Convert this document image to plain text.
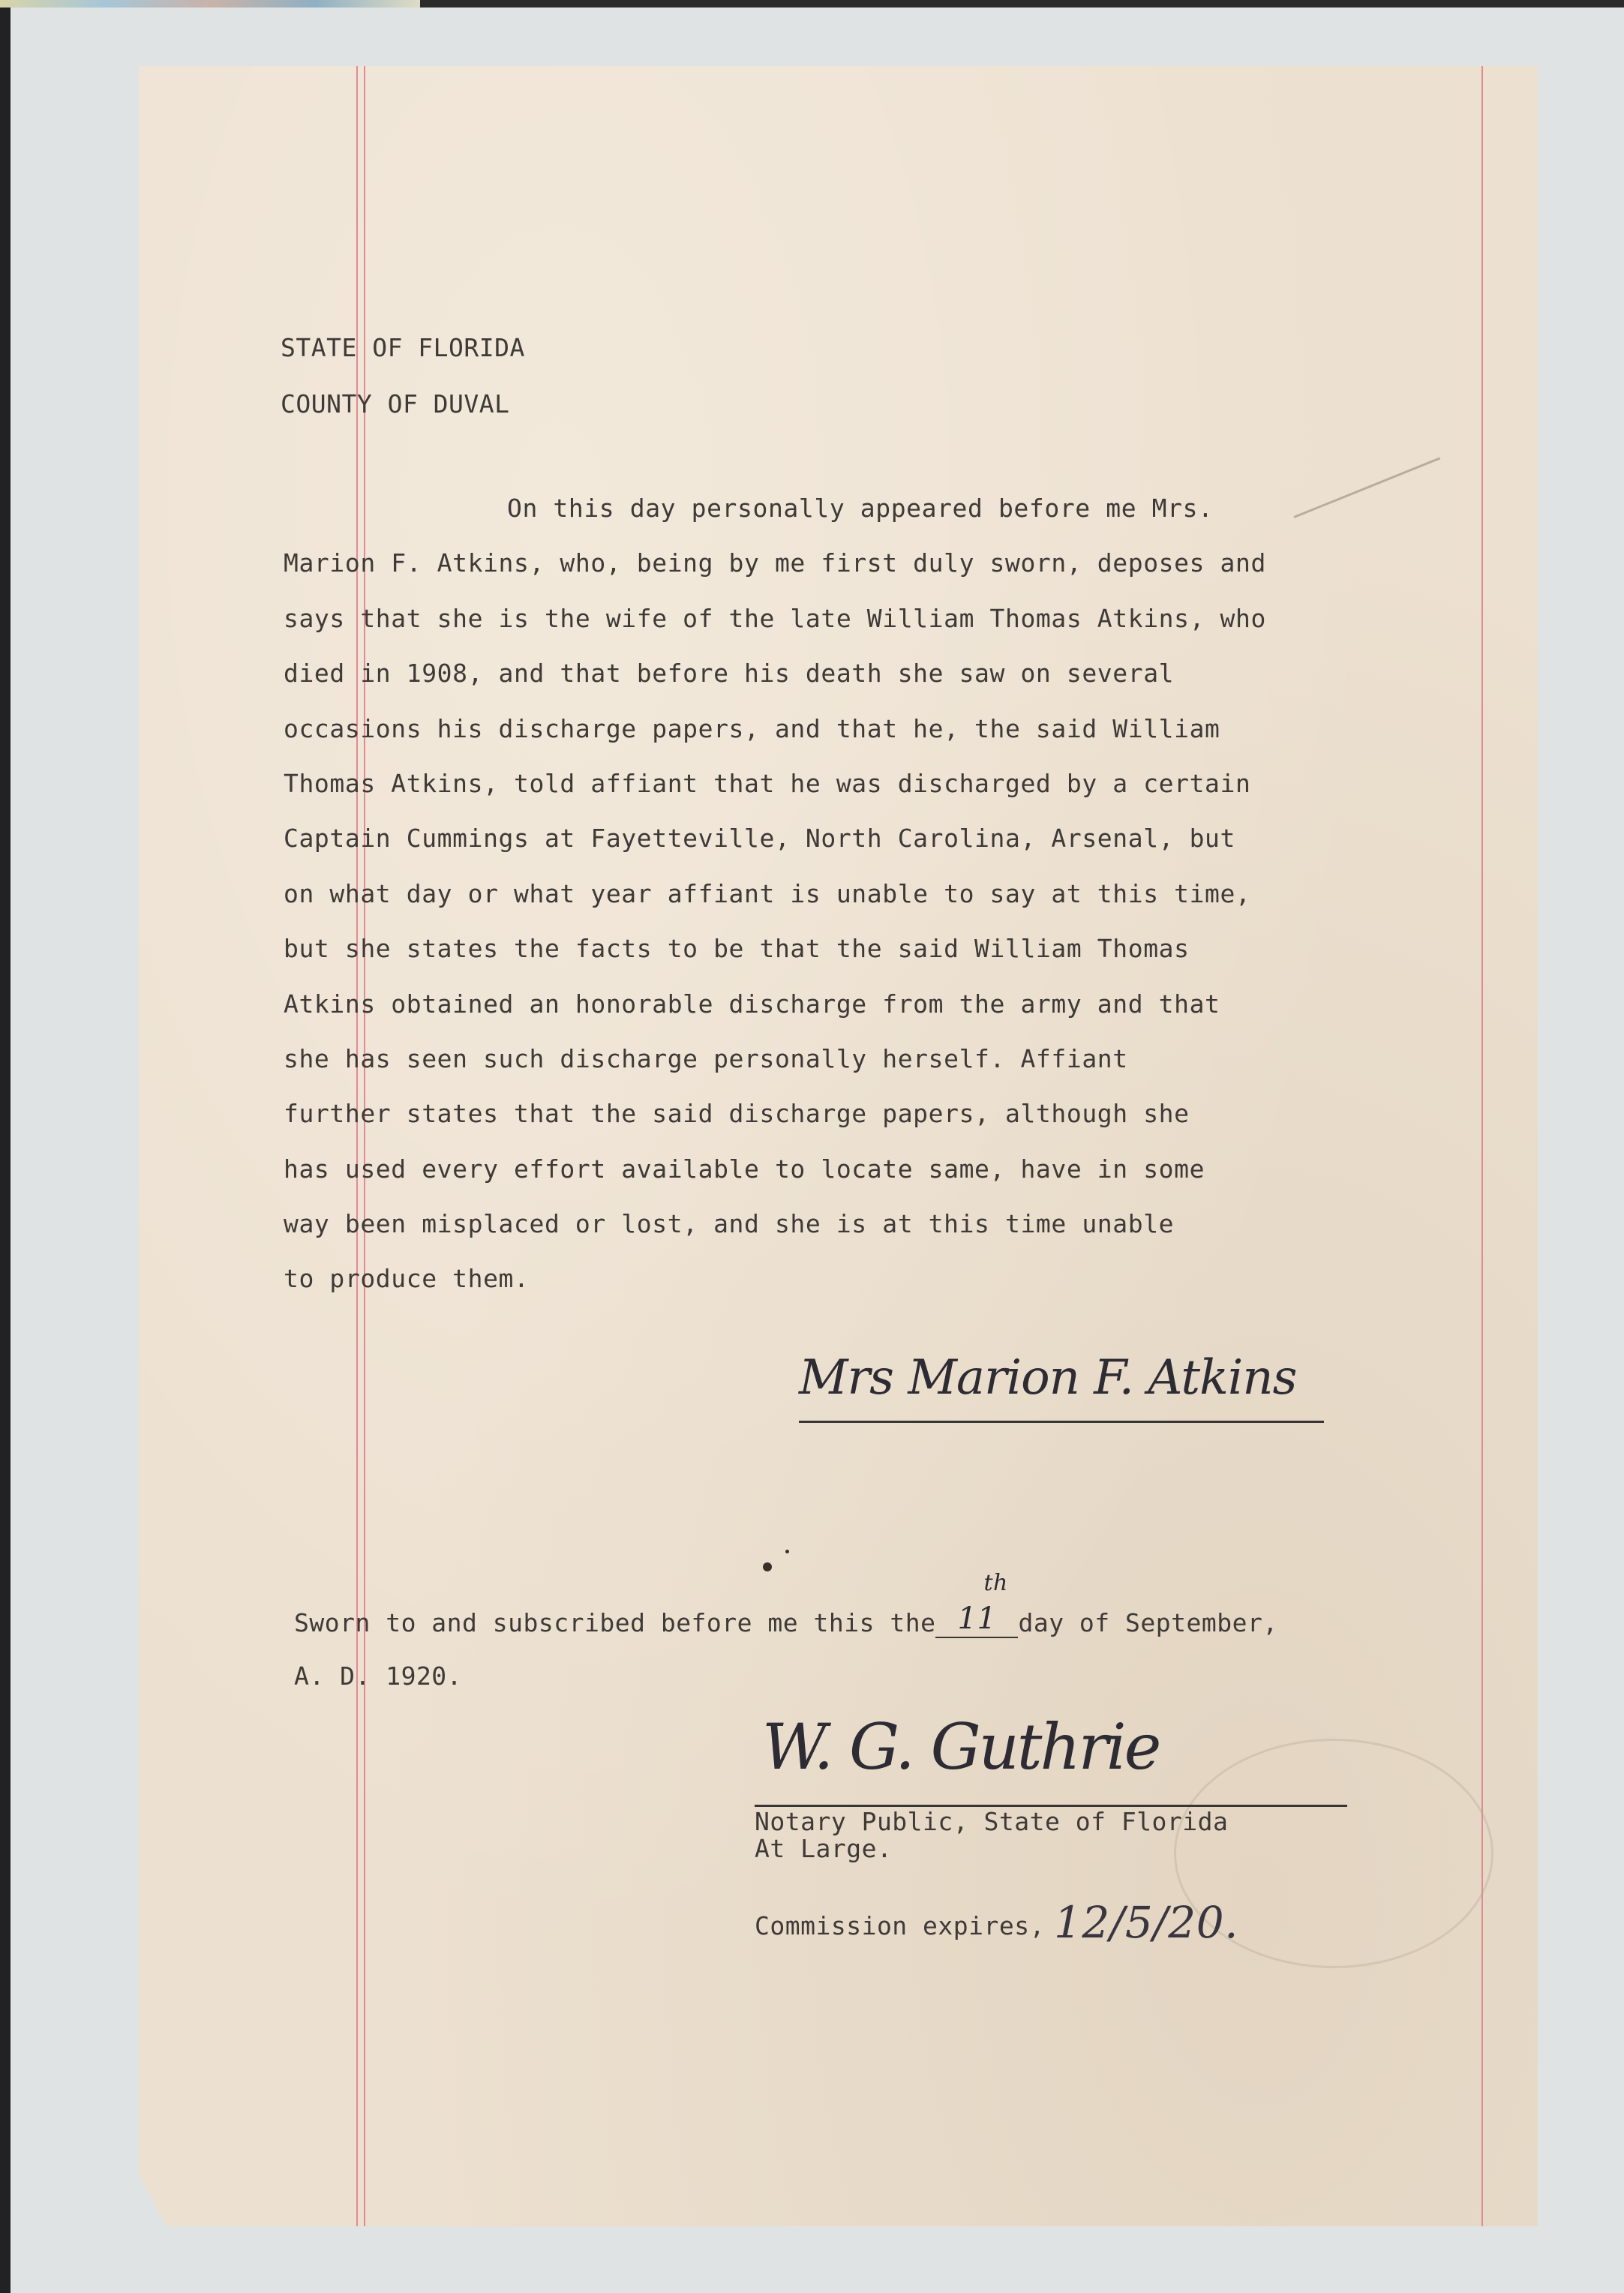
STATE OF FLORIDA
COUNTY OF DUVAL
On this day personally appeared before me Mrs.
Marion F. Atkins, who, being by me first duly sworn, deposes and
says that she is the wife of the late William Thomas Atkins, who
died in 1908, and that before his death she saw on several
occasions his discharge papers, and that he, the said William
Thomas Atkins, told affiant that he was discharged by a certain
Captain Cummings at Fayetteville, North Carolina, Arsenal, but
on what day or what year affiant is unable to say at this time,
but she states the facts to be that the said William Thomas
Atkins obtained an honorable discharge from the army and that
she has seen such discharge personally herself. Affiant
further states that the said discharge papers, although she
has used every effort available to locate same, have in some
way been misplaced or lost, and she is at this time unable
to produce them.
Mrs Marion F. Atkins
Sworn to and subscribed before me this the 11
th
day of September,
A. D. 1920.
W. G. Guthrie
Notary Public, State of Florida
At Large.
Commission expires, 12/5/20.
